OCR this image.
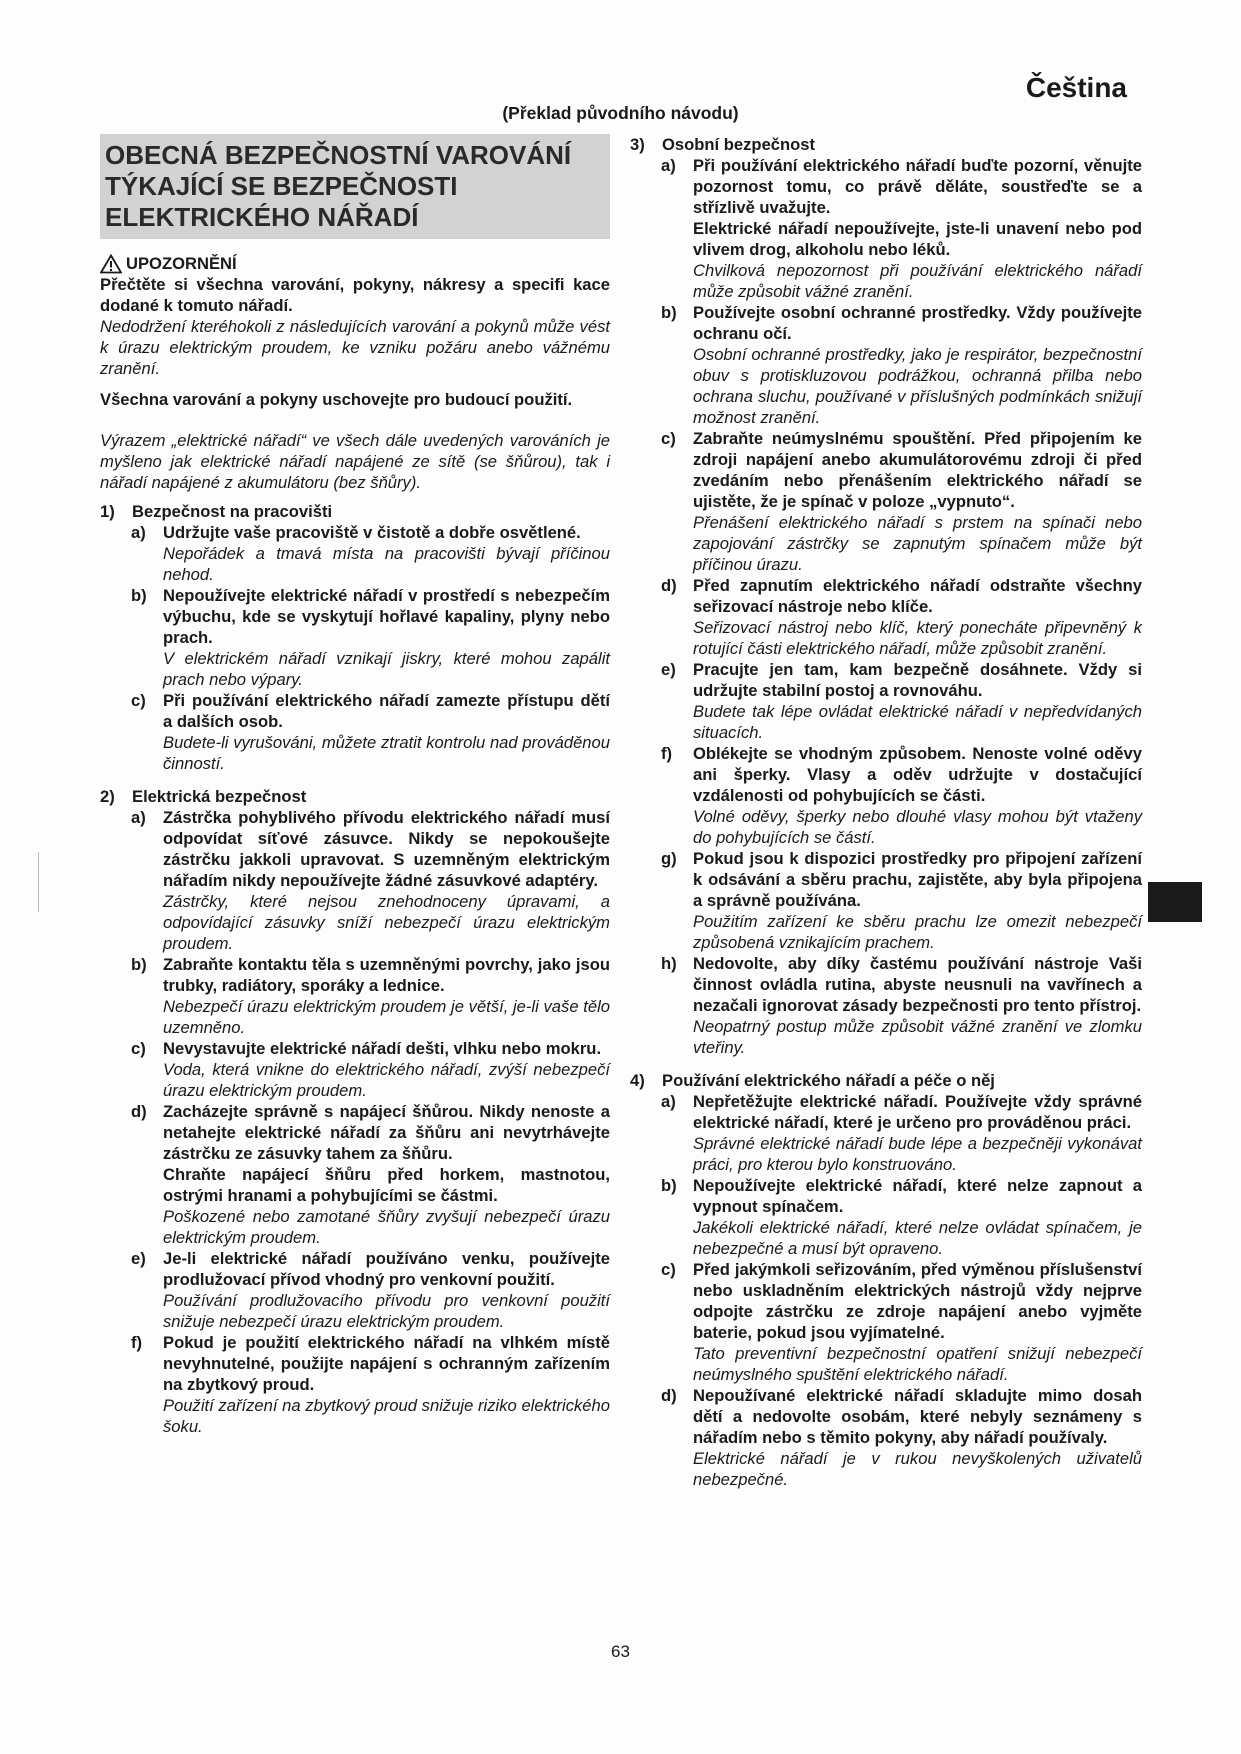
Čeština
(Překlad původního návodu)
OBECNÁ BEZPEČNOSTNÍ VAROVÁNÍ
TÝKAJÍCÍ SE BEZPEČNOSTI
ELEKTRICKÉHO NÁŘADÍ
UPOZORNĚNÍ
Přečtěte si všechna varování, pokyny, nákresy a specifi kace dodané k tomuto nářadí.
Nedodržení kteréhokoli z následujících varování a pokynů může vést k úrazu elektrickým proudem, ke vzniku požáru anebo vážnému zranění.
Všechna varování a pokyny uschovejte pro budoucí použití.
Výrazem „elektrické nářadí“ ve všech dále uvedených varováních je myšleno jak elektrické nářadí napájené ze sítě (se šňůrou), tak i nářadí napájené z akumulátoru (bez šňůry).
1)	Bezpečnost na pracovišti
a)	Udržujte vaše pracoviště v čistotě a dobře osvětlené.
Nepořádek a tmavá místa na pracovišti bývají příčinou nehod.
b) Nepoužívejte elektrické nářadí v prostředí s nebezpečím výbuchu, kde se vyskytují hořlavé kapaliny, plyny nebo prach.
V elektrickém nářadí vznikají jiskry, které mohou zapálit prach nebo výpary.
c)	Při používání elektrického nářadí zamezte přístupu dětí a dalších osob.
Budete-li vyrušováni, můžete ztratit kontrolu nad prováděnou činností.
2)	Elektrická bezpečnost
a)	Zástrčka pohyblivého přívodu elektrického nářadí musí odpovídat síťové zásuvce. Nikdy se nepokoušejte zástrčku jakkoli upravovat. S uzemněným elektrickým nářadím nikdy nepoužívejte žádné zásuvkové adaptéry.
Zástrčky, které nejsou znehodnoceny úpravami, a odpovídající zásuvky sníží nebezpečí úrazu elektrickým proudem.
b) Zabraňte kontaktu těla s uzemněnými povrchy, jako jsou trubky, radiátory, sporáky a lednice.
Nebezpečí úrazu elektrickým proudem je větší, je-li vaše tělo uzemněno.
c)	Nevystavujte elektrické nářadí dešti, vlhku nebo mokru.
Voda, která vnikne do elektrického nářadí, zvýší nebezpečí úrazu elektrickým proudem.
d) Zacházejte správně s napájecí šňůrou. Nikdy nenoste a netahejte elektrické nářadí za šňůru ani nevytrhávejte zástrčku ze zásuvky tahem za šňůru.
Chraňte napájecí šňůru před horkem, mastnotou, ostrými hranami a pohybujícími se částmi.
Poškozené nebo zamotané šňůry zvyšují nebezpečí úrazu elektrickým proudem.
e)	Je-li elektrické nářadí používáno venku, používejte prodlužovací přívod vhodný pro venkovní použití.
Používání prodlužovacího přívodu pro venkovní použití snižuje nebezpečí úrazu elektrickým proudem.
f)	Pokud je použití elektrického nářadí na vlhkém místě nevyhnutelné, použijte napájení s ochranným zařízením na zbytkový proud.
Použití zařízení na zbytkový proud snižuje riziko elektrického šoku.
3)	Osobní bezpečnost
a)	Při používání elektrického nářadí buďte pozorní, věnujte pozornost tomu, co právě děláte, soustřeďte se a střízlivě uvažujte.
Elektrické nářadí nepoužívejte, jste-li unavení nebo pod vlivem drog, alkoholu nebo léků.
Chvilková nepozornost při používání elektrického nářadí může způsobit vážné zranění.
b) Používejte osobní ochranné prostředky. Vždy používejte ochranu očí.
Osobní ochranné prostředky, jako je respirátor, bezpečnostní obuv s protiskluzovou podrážkou, ochranná přilba nebo ochrana sluchu, používané v příslušných podmínkách snižují možnost zranění.
c)	Zabraňte neúmyslnému spouštění. Před připojením ke zdroji napájení anebo akumulátorovému zdroji či před zvedáním nebo přenášením elektrického nářadí se ujistěte, že je spínač v poloze „vypnuto“.
Přenášení elektrického nářadí s prstem na spínači nebo zapojování zástrčky se zapnutým spínačem může být příčinou úrazu.
d) Před zapnutím elektrického nářadí odstraňte všechny seřizovací nástroje nebo klíče.
Seřizovací nástroj nebo klíč, který ponecháte připevněný k rotující části elektrického nářadí, může způsobit zranění.
e)	Pracujte jen tam, kam bezpečně dosáhnete. Vždy si udržujte stabilní postoj a rovnováhu.
Budete tak lépe ovládat elektrické nářadí v nepředvídaných situacích.
f)	Oblékejte se vhodným způsobem. Nenoste volné oděvy ani šperky. Vlasy a oděv udržujte v dostačující vzdálenosti od pohybujících se části.
Volné oděvy, šperky nebo dlouhé vlasy mohou být vtaženy do pohybujících se částí.
g) Pokud jsou k dispozici prostředky pro připojení zařízení k odsávání a sběru prachu, zajistěte, aby byla připojena a správně používána.
Použitím zařízení ke sběru prachu lze omezit nebezpečí způsobená vznikajícím prachem.
h) Nedovolte, aby díky častému používání nástroje Vaši činnost ovládla rutina, abyste neusnuli na vavřínech a nezačali ignorovat zásady bezpečnosti pro tento přístroj.
Neopatrný postup může způsobit vážné zranění ve zlomku vteřiny.
4)	Používání elektrického nářadí a péče o něj
a)	Nepřetěžujte elektrické nářadí. Používejte vždy správné elektrické nářadí, které je určeno pro prováděnou práci.
Správné elektrické nářadí bude lépe a bezpečněji vykonávat práci, pro kterou bylo konstruováno.
b) Nepoužívejte elektrické nářadí, které nelze zapnout a vypnout spínačem.
Jakékoli elektrické nářadí, které nelze ovládat spínačem, je nebezpečné a musí být opraveno.
c)	Před jakýmkoli seřizováním, před výměnou příslušenství nebo uskladněním elektrických nástrojů vždy nejprve odpojte zástrčku ze zdroje napájení anebo vyjměte baterie, pokud jsou vyjímatelné.
Tato preventivní bezpečnostní opatření snižují nebezpečí neúmyslného spuštění elektrického nářadí.
d) Nepoužívané elektrické nářadí skladujte mimo dosah dětí a nedovolte osobám, které nebyly seznámeny s nářadím nebo s těmito pokyny, aby nářadí používaly.
Elektrické nářadí je v rukou nevyškolených uživatelů nebezpečné.
63
